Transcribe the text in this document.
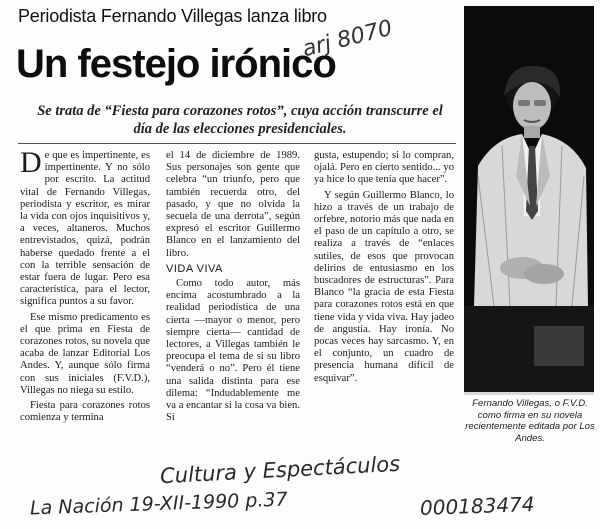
Periodista Fernando Villegas lanza libro
Un festejo irónico
arj 8070
Se trata de “Fiesta para corazones rotos”, cuya acción transcurre el día de las elecciones presidenciales.

De que es impertinente, es impertinente. Y no sólo por escrito. La actitud vital de Fernando Villegas, periodista y escritor, es mirar la vida con ojos inquisitivos y, a veces, altaneros. Muchos entrevistados, quizá, podrán haberse quedado frente a el con la terrible sensación de estar fuera de lugar. Pero esa característica, para el lector, significa puntos a su favor.

Ese mismo predicamento es el que prima en Fiesta de corazones rotos, su novela que acaba de lanzar Editorial Los Andes. Y, aunque sólo firma con sus iniciales (F.V.D.), Villegas no niega su estilo.

Fiesta para corazones rotos comienza y termina

el 14 de diciembre de 1989. Sus personajes son gente que celebra “un triunfo, pero que también recuerda otro, del pasado, y que no olvida la secuela de una derrota”, según expresó el escritor Guillermo Blanco en el lanzamiento del libro.

VIDA VIVA

Como todo autor, más encima acostumbrado a la realidad periodística de una cierta —mayor o menor, pero siempre cierta— cantidad de lectores, a Villegas también le preocupa el tema de si su libro “venderá o no”. Pero él tiene una salida distinta para ese dilema: “Indudablemente me va a encantar si la cosa va bien. Si

gusta, estupendo; si lo compran, ojalá. Pero en cierto sentido... yo ya hice lo que tenía que hacer”.

Y según Guillermo Blanco, lo hizo a través de un trabajo de orfebre, notorio más que nada en el paso de un capítulo a otro, se realiza a través de “enlaces sutiles, de esos que provocan delirios de entusiasmo en los buscadores de estructuras”. Para Blanco “la gracia de esta Fiesta para corazones rotos está en que tiene vida y vida viva. Hay jadeo de angustia. Hay ironía. No pocas veces hay sarcasmo. Y, en el conjunto, un cuadro de presencia humana difícil de esquivar”.

Fernando Villegas, o F.V.D. como firma en su novela recientemente editada por Los Andes.
Cultura y Espectáculos
La Nación 19-XII-1990 p.37	000183474
